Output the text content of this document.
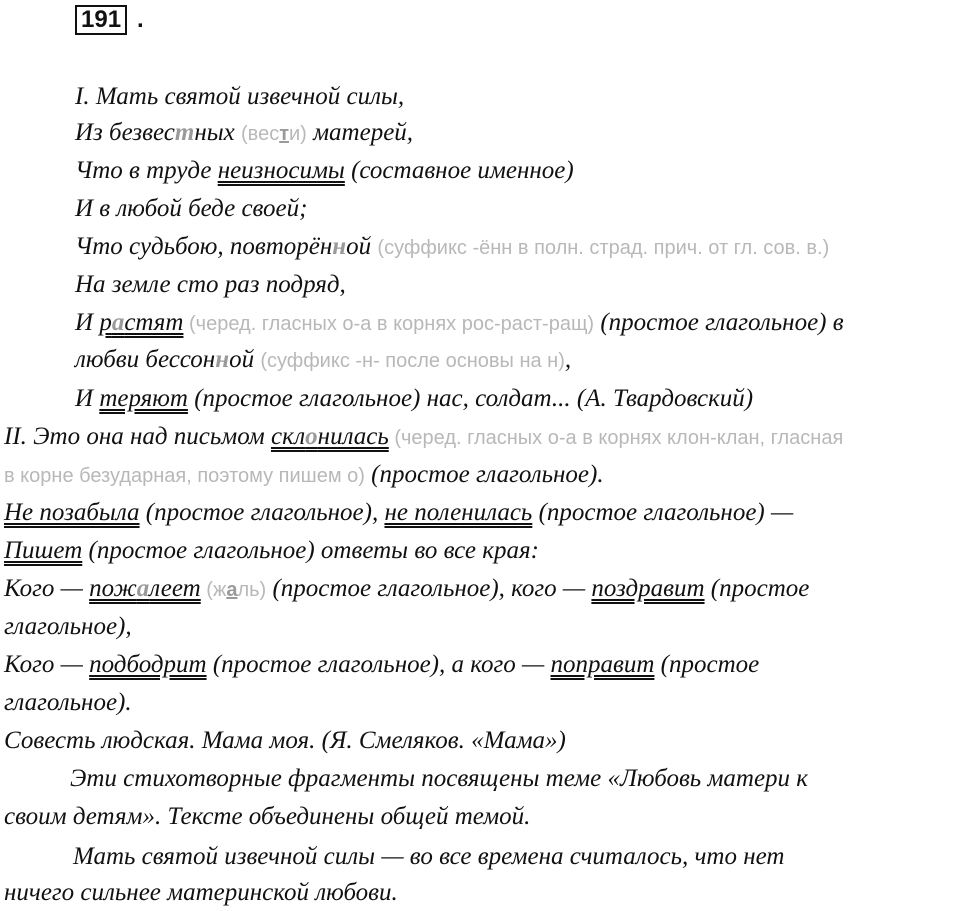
191 .
I. Мать святой извечной силы,
Из безвестных (вести) матерей,
Что в труде неизносимы (составное именное)
И в любой беде своей;
Что судьбою, повторённой (суффикс -ённ в полн. страд. прич. от гл. сов. в.)
На земле сто раз подряд,
И растят (черед. гласных о-а в корнях рос-раст-ращ) (простое глагольное) в
любви бессонной (суффикс -н- после основы на н),
И теряют (простое глагольное) нас, солдат... (А. Твардовский)
II. Это она над письмом склонилась (черед. гласных о-а в корнях клон-клан, гласная
в корне безударная, поэтому пишем о) (простое глагольное).
Не позабыла (простое глагольное), не поленилась (простое глагольное) —
Пишет (простое глагольное) ответы во все края:
Кого — пожалеет (жаль) (простое глагольное), кого — поздравит (простое
глагольное),
Кого — подбодрит (простое глагольное), а кого — поправит (простое
глагольное).
Совесть людская. Мама моя. (Я. Смеляков. «Мама»)
Эти стихотворные фрагменты посвящены теме «Любовь матери к
своим детям». Тексте объединены общей темой.
Мать святой извечной силы — во все времена считалось, что нет
ничего сильнее материнской любови.
